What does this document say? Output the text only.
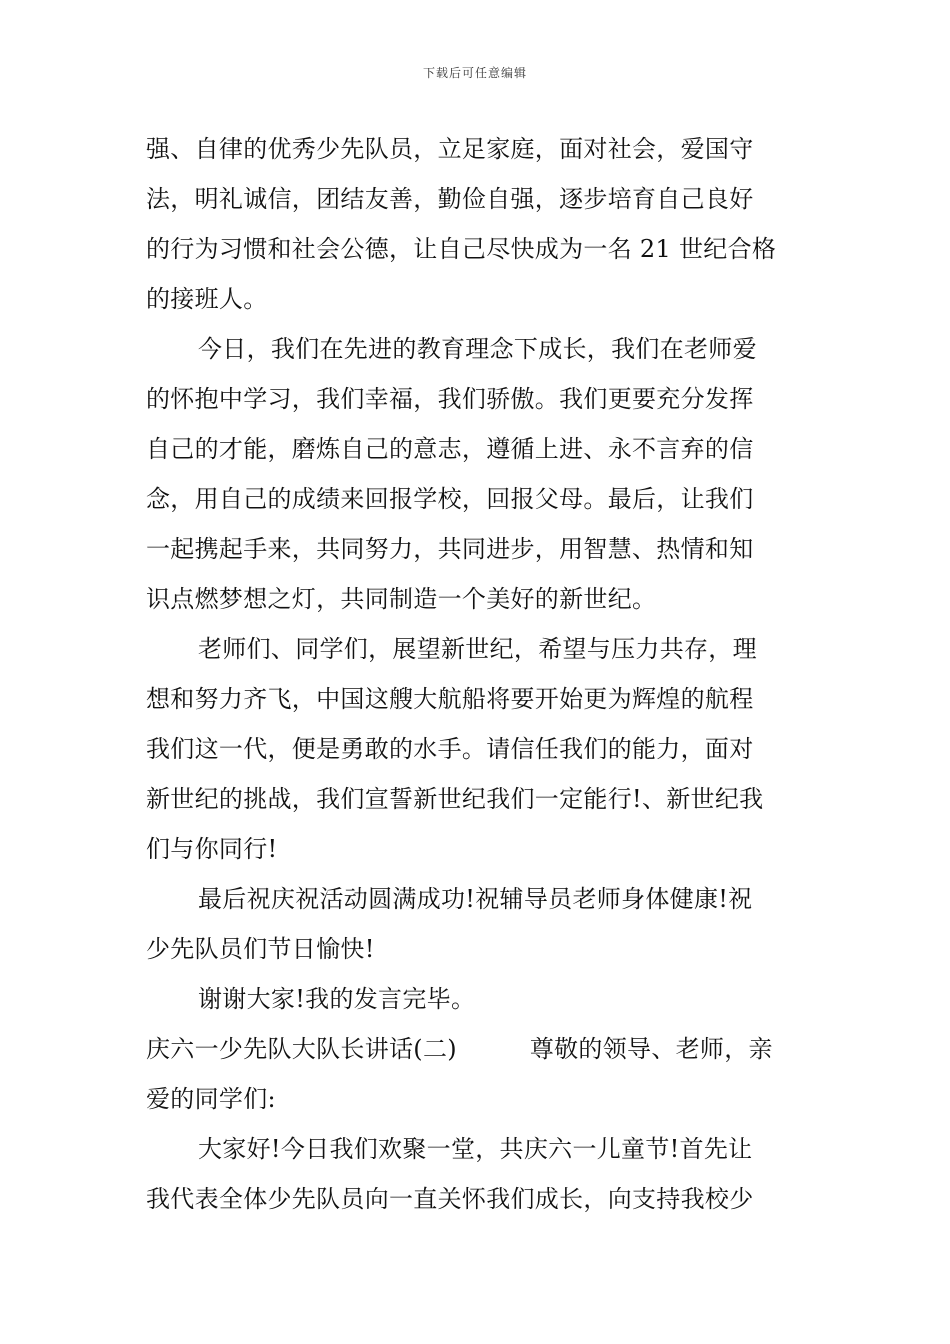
下载后可任意编辑
强、自律的优秀少先队员，立足家庭，面对社会，爱国守
法，明礼诚信，团结友善，勤俭自强，逐步培育自己良好
的行为习惯和社会公德，让自己尽快成为一名 21 世纪合格
的接班人。
今日，我们在先进的教育理念下成长，我们在老师爱
的怀抱中学习，我们幸福，我们骄傲。我们更要充分发挥
自己的才能，磨炼自己的意志，遵循上进、永不言弃的信
念，用自己的成绩来回报学校，回报父母。最后，让我们
一起携起手来，共同努力，共同进步，用智慧、热情和知
识点燃梦想之灯，共同制造一个美好的新世纪。
老师们、同学们，展望新世纪，希望与压力共存，理
想和努力齐飞，中国这艘大航船将要开始更为辉煌的航程
我们这一代，便是勇敢的水手。请信任我们的能力，面对
新世纪的挑战，我们宣誓新世纪我们一定能行!、新世纪我
们与你同行!
最后祝庆祝活动圆满成功!祝辅导员老师身体健康!祝
少先队员们节日愉快!
谢谢大家!我的发言完毕。
庆六一少先队大队长讲话(二)　　　尊敬的领导、老师，亲
爱的同学们:
大家好!今日我们欢聚一堂，共庆六一儿童节!首先让
我代表全体少先队员向一直关怀我们成长，向支持我校少
